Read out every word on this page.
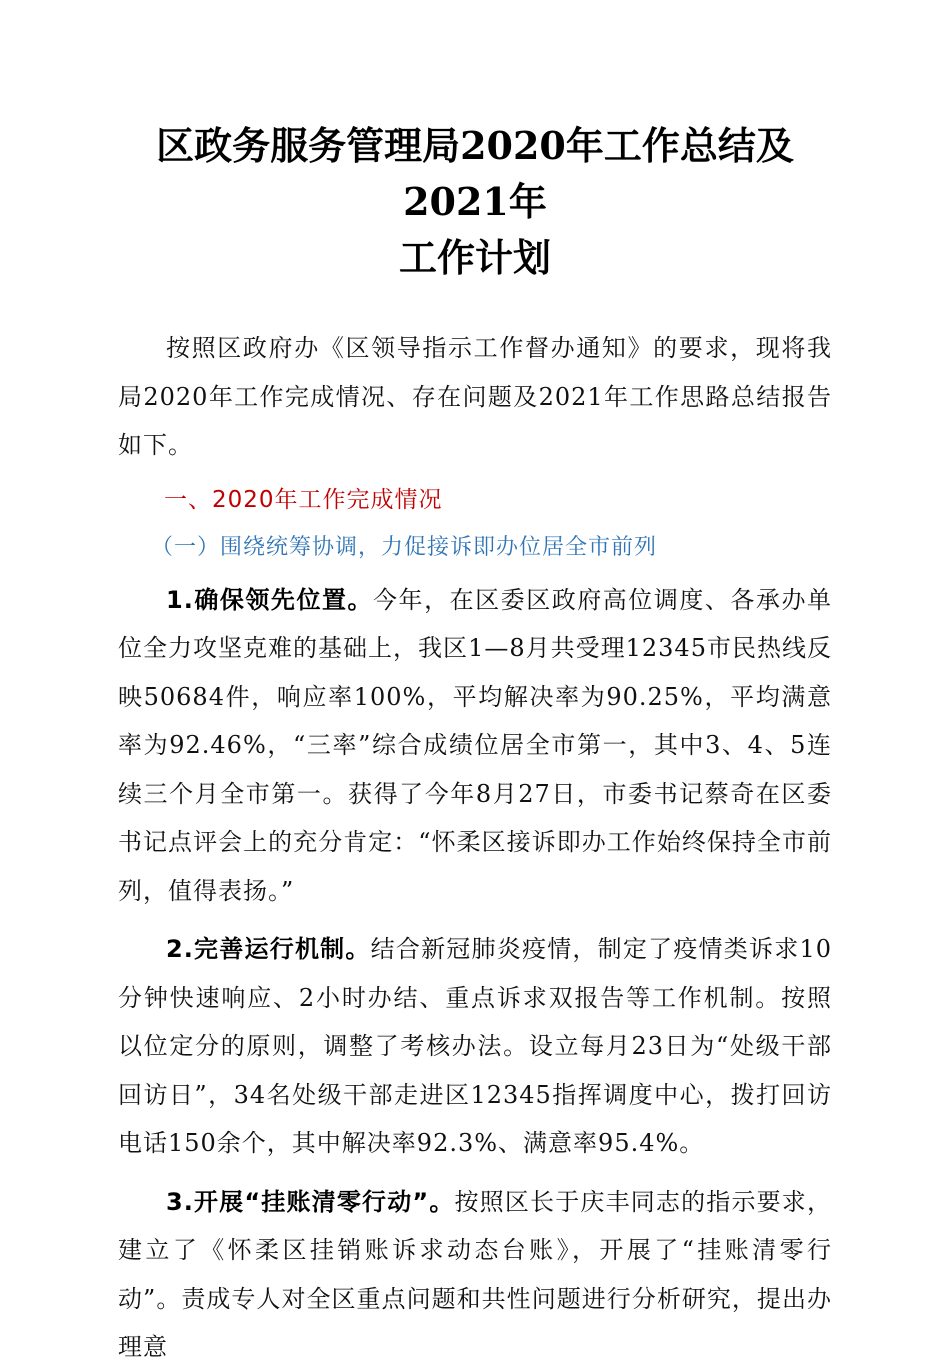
区政务服务管理局2020年工作总结及2021年
工作计划

按照区政府办《区领导指示工作督办通知》的要求，现将我局2020年工作完成情况、存在问题及2021年工作思路总结报告如下。

一、2020年工作完成情况

（一）围绕统筹协调，力促接诉即办位居全市前列

1.确保领先位置。今年，在区委区政府高位调度、各承办单位全力攻坚克难的基础上，我区1—8月共受理12345市民热线反映50684件，响应率100%，平均解决率为90.25%，平均满意率为92.46%，“三率”综合成绩位居全市第一，其中3、4、5连续三个月全市第一。获得了今年8月27日，市委书记蔡奇在区委书记点评会上的充分肯定：“怀柔区接诉即办工作始终保持全市前列，值得表扬。”

2.完善运行机制。结合新冠肺炎疫情，制定了疫情类诉求10分钟快速响应、2小时办结、重点诉求双报告等工作机制。按照以位定分的原则，调整了考核办法。设立每月23日为“处级干部回访日”，34名处级干部走进区12345指挥调度中心，拨打回访电话150余个，其中解决率92.3%、满意率95.4%。

3.开展“挂账清零行动”。按照区长于庆丰同志的指示要求，建立了《怀柔区挂销账诉求动态台账》，开展了“挂账清零行动”。责成专人对全区重点问题和共性问题进行分析研究，提出办理意
